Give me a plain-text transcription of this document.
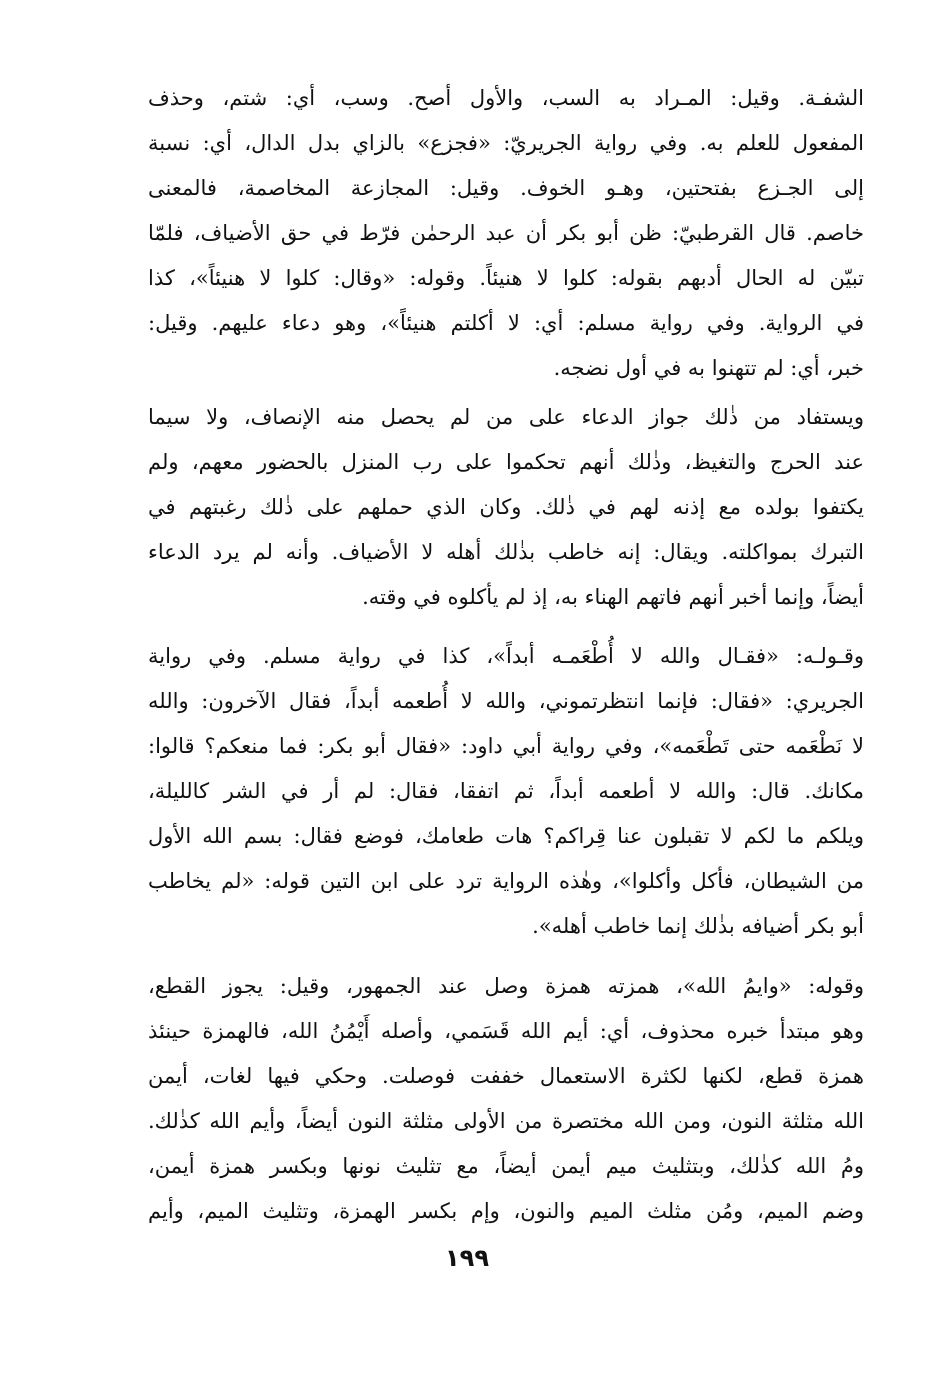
الشفـة. وقيل: المـراد به السب، والأول أصح. وسب، أي: شتم، وحذف
المفعول للعلم به. وفي رواية الجريريّ: «فجزع» بالزاي بدل الدال، أي: نسبة
إلى الجـزع بفتحتين، وهـو الخوف. وقيل: المجازعة المخاصمة، فالمعنى
خاصم. قال القرطبيّ: ظن أبو بكر أن عبد الرحمٰن فرّط في حق الأضياف، فلمّا
تبيّن له الحال أدبهم بقوله: كلوا لا هنيئاً. وقوله: «وقال: كلوا لا هنيئاً»، كذا
في الرواية. وفي رواية مسلم: أي: لا أكلتم هنيئاً»، وهو دعاء عليهم. وقيل:
خبر، أي: لم تتهنوا به في أول نضجه.
ويستفاد من ذٰلك جواز الدعاء على من لم يحصل منه الإنصاف، ولا سيما
عند الحرج والتغيظ، وذٰلك أنهم تحكموا على رب المنزل بالحضور معهم، ولم
يكتفوا بولده مع إذنه لهم في ذٰلك. وكان الذي حملهم على ذٰلك رغبتهم في
التبرك بمواكلته. ويقال: إنه خاطب بذٰلك أهله لا الأضياف. وأنه لم يرد الدعاء
أيضاً، وإنما أخبر أنهم فاتهم الهناء به، إذ لم يأكلوه في وقته.
وقـولـه: «فقـال والله لا أُطْعَمـه أبداً»، كذا في رواية مسلم. وفي رواية
الجريري: «فقال: فإنما انتظرتموني، والله لا أُطعمه أبداً، فقال الآخرون: والله
لا نَطْعَمه حتى تَطْعَمه»، وفي رواية أبي داود: «فقال أبو بكر: فما منعكم؟ قالوا:
مكانك. قال: والله لا أطعمه أبداً، ثم اتفقا، فقال: لم أر في الشر كالليلة،
ويلكم ما لكم لا تقبلون عنا قِراكم؟ هات طعامك، فوضع فقال: بسم الله الأول
من الشيطان، فأكل وأكلوا»، وهٰذه الرواية ترد على ابن التين قوله: «لم يخاطب
أبو بكر أضيافه بذٰلك إنما خاطب أهله».
وقوله: «وايمُ الله»، همزته همزة وصل عند الجمهور، وقيل: يجوز القطع،
وهو مبتدأ خبره محذوف، أي: أيم الله قَسَمي، وأصله أَيْمُنُ الله، فالهمزة حينئذ
همزة قطع، لكنها لكثرة الاستعمال خففت فوصلت. وحكي فيها لغات، أيمن
الله مثلثة النون، ومن الله مختصرة من الأولى مثلثة النون أيضاً، وأيم الله كذٰلك.
ومُ الله كذٰلك، وبتثليث ميم أيمن أيضاً، مع تثليث نونها وبكسر همزة أيمن،
وضم الميم، ومُن مثلث الميم والنون، وإم بكسر الهمزة، وتثليث الميم، وأيم
١٩٩
